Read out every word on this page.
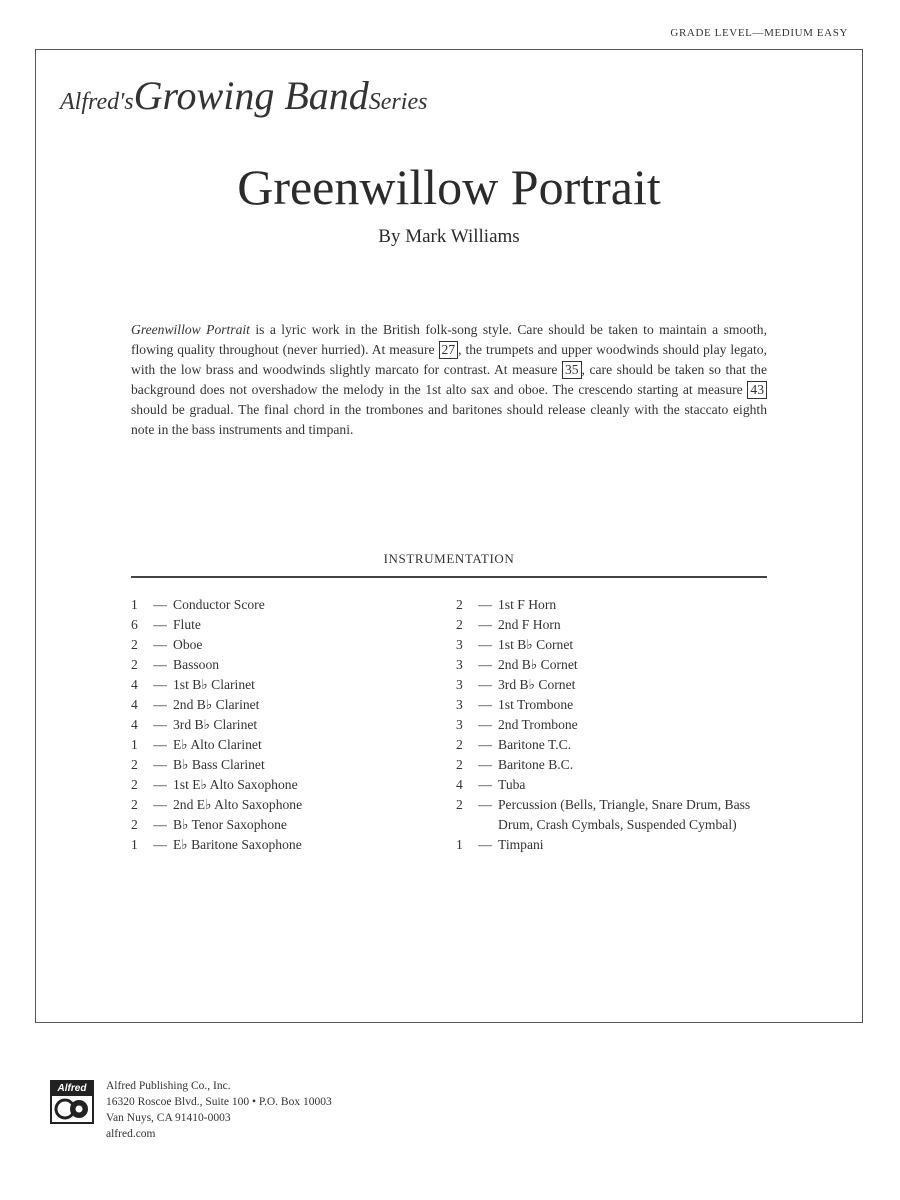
GRADE LEVEL—MEDIUM EASY
Alfred'sGrowing BandSeries
Greenwillow Portrait
By Mark Williams
Greenwillow Portrait is a lyric work in the British folk-song style. Care should be taken to maintain a smooth, flowing quality throughout (never hurried). At measure 27 , the trumpets and upper woodwinds should play legato, with the low brass and woodwinds slightly marcato for contrast. At measure 35 , care should be taken so that the background does not overshadow the melody in the 1st alto sax and oboe. The crescendo starting at measure 43 should be gradual. The final chord in the trombones and baritones should release cleanly with the staccato eighth note in the bass instruments and timpani.
INSTRUMENTATION
1	— Conductor Score
6	— Flute
2	— Oboe
2	— Bassoon
4	— 1st B♭ Clarinet
4	— 2nd B♭ Clarinet
4	— 3rd B♭ Clarinet
1	— E♭ Alto Clarinet
2	— B♭ Bass Clarinet
2	— 1st E♭ Alto Saxophone
2	— 2nd E♭ Alto Saxophone
2	— B♭ Tenor Saxophone
1	— E♭ Baritone Saxophone
2	— 1st F Horn
2	— 2nd F Horn
3	— 1st B♭ Cornet
3	— 2nd B♭ Cornet
3	— 3rd B♭ Cornet
3	— 1st Trombone
3	— 2nd Trombone
2	— Baritone T.C.
2	— Baritone B.C.
4	— Tuba
2	— Percussion (Bells, Triangle, Snare Drum, Bass Drum, Crash Cymbals, Suspended Cymbal)
1	— Timpani
Alfred	Alfred Publishing Co., Inc.
16320 Roscoe Blvd., Suite 100 • P.O. Box 10003
Van Nuys, CA 91410-0003
alfred.com
